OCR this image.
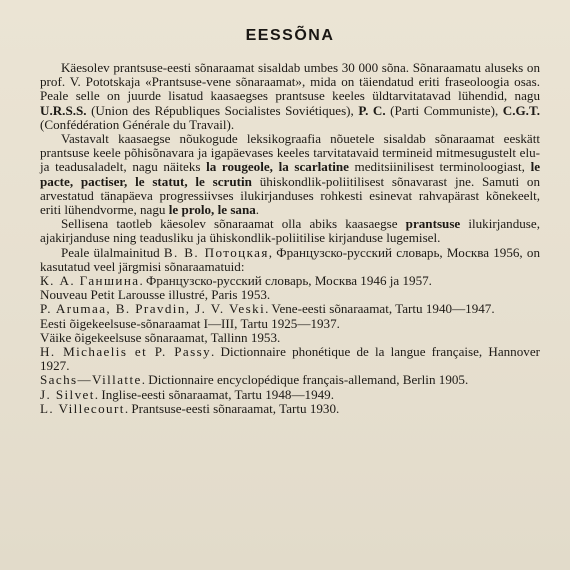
EESSÕNA

Käesolev prantsuse-eesti sõnaraamat sisaldab umbes 30 000 sõna. Sõnaraamatu aluseks on prof. V. Pototskaja «Prantsuse-vene sõnaraamat», mida on täiendatud eriti fraseoloogia osas. Peale selle on juurde lisatud kaasaegses prantsuse keeles üldtarvitatavad lühendid, nagu U.R.S.S. (Union des Républiques Socialistes Soviétiques), P. C. (Parti Communiste), C.G.T. (Confédération Générale du Travail).

Vastavalt kaasaegse nõukogude leksikograafia nõuetele sisaldab sõnaraamat eeskätt prantsuse keele põhisõnavara ja igapäevases keeles tarvitatavaid termineid mitmesugustelt elu- ja teadusaladelt, nagu näiteks la rougeole, la scarlatine meditsiinilisest terminoloogiast, le pacte, pactiser, le statut, le scrutin ühiskondlik-poliitilisest sõnavarast jne. Samuti on arvestatud tänapäeva progressiivses ilukirjanduses rohkesti esinevat rahvapärast kõnekeelt, eriti lühendvorme, nagu le prolo, le sana.

Sellisena taotleb käesolev sõnaraamat olla abiks kaasaegse prantsuse ilukirjanduse, ajakirjanduse ning teadusliku ja ühiskondlik-poliitilise kirjanduse lugemisel.

Peale ülalmainitud В. В. Потоцкая, Французско-русский словарь, Москва 1956, on kasutatud veel järgmisi sõnaraamatuid:

К. А. Ганшина. Французско-русский словарь, Москва 1946 ja 1957.

Nouveau Petit Larousse illustré, Paris 1953.

P. Arumaa, B. Pravdin, J. V. Veski. Vene-eesti sõnaraamat, Tartu 1940—1947.

Eesti õigekeelsuse-sõnaraamat I—III, Tartu 1925—1937.

Väike õigekeelsuse sõnaraamat, Tallinn 1953.

H. Michaelis et P. Passy. Dictionnaire phonétique de la langue française, Hannover 1927.

Sachs—Villatte. Dictionnaire encyclopédique français-allemand, Berlin 1905.

J. Silvet. Inglise-eesti sõnaraamat, Tartu 1948—1949.

L. Villecourt. Prantsuse-eesti sõnaraamat, Tartu 1930.
